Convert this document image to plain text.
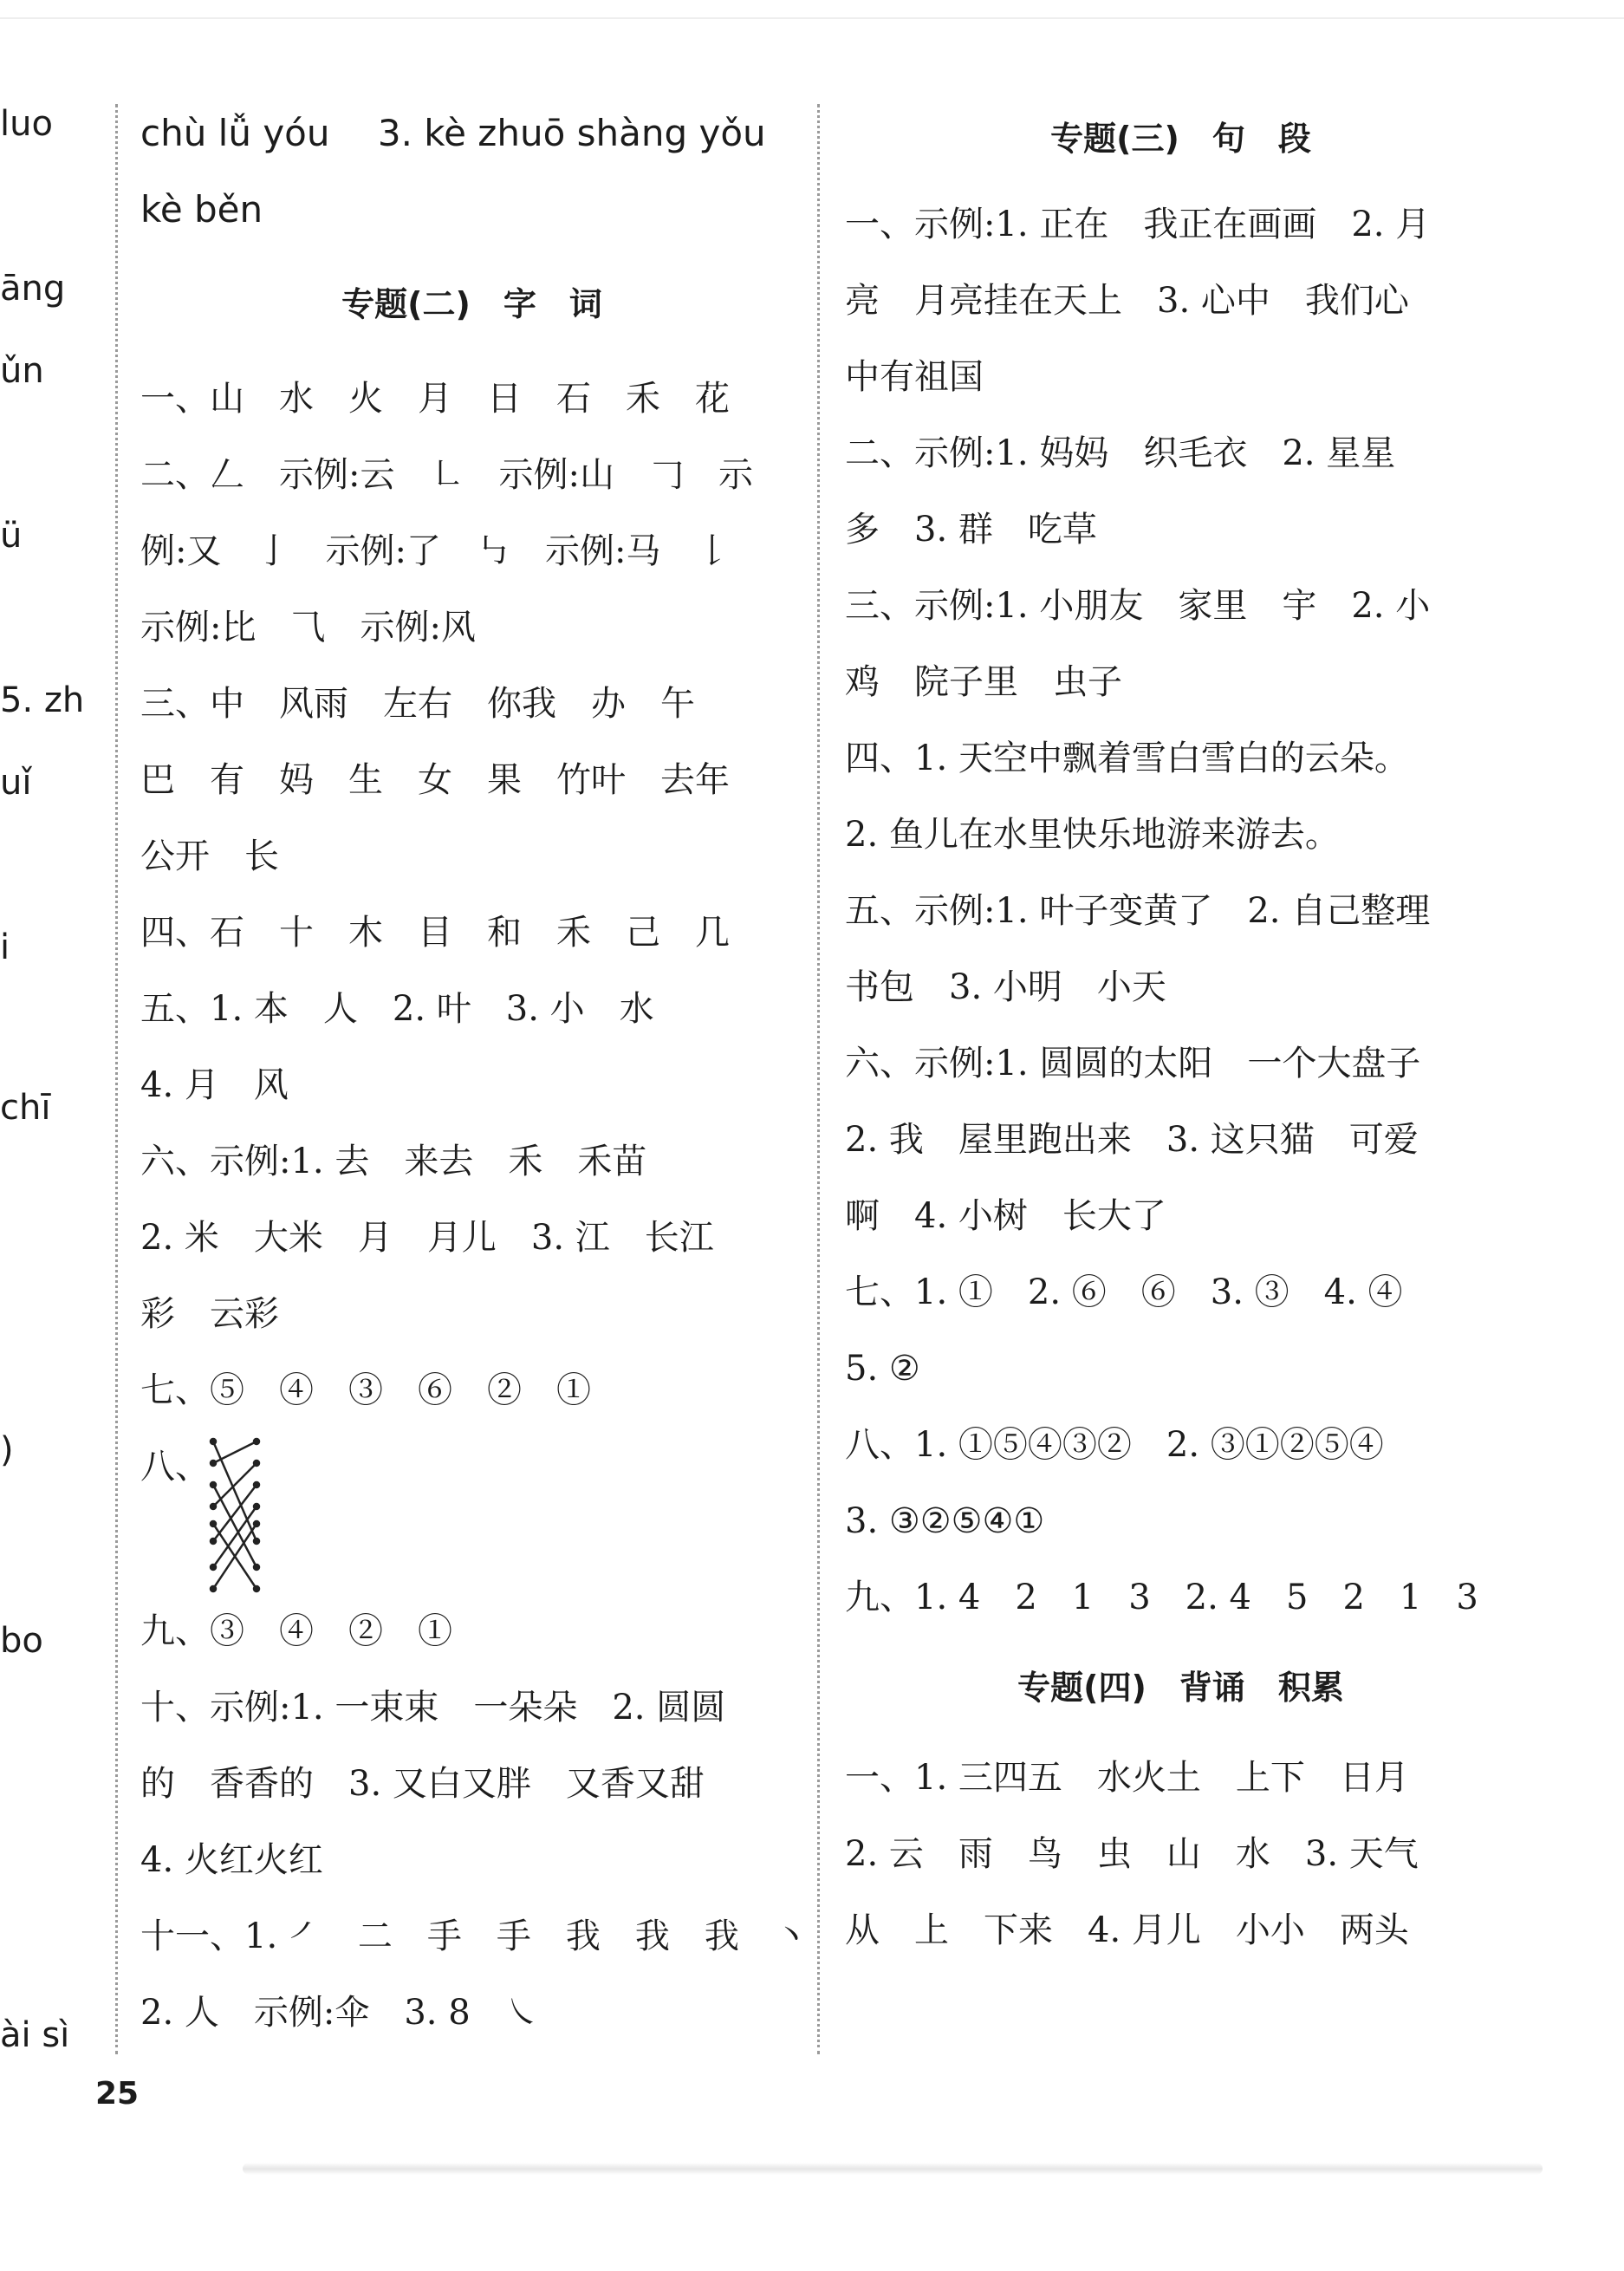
luo
āng
ǔn
ü
5. zh
uǐ
i
chī
)
bo
ài sì
chù lǚ yóu　 3. kè zhuō shàng yǒu
kè běn
专题(二)　字　词
一、山　水　火　月　日　石　禾　花
二、𠃋　示例:云　㇗　示例:山　𠃌　示
例:又　亅　示例:了　㇉　示例:马　𠄌
示例:比　⺄　示例:风
三、中　风雨　左右　你我　办　午
巴　有　妈　生　女　果　竹叶　去年
公开　长
四、石　十　木　目　和　禾　己　几
五、1. 本　人　2. 叶　3. 小　水
4. 月　风
六、示例:1. 去　来去　禾　禾苗
2. 米　大米　月　月儿　3. 江　长江
彩　云彩
七、⑤　④　③　⑥　②　①
八、
九、③　④　②　①
十、示例:1. 一束束　一朵朵　2. 圆圆
的　香香的　3. 又白又胖　又香又甜
4. 火红火红
十一、1. ㇒　二　手　手　我　我　我　丶
2. 人　示例:伞　3. 8　㇏
专题(三)　句　段
一、示例:1. 正在　我正在画画　2. 月
亮　月亮挂在天上　3. 心中　我们心
中有祖国
二、示例:1. 妈妈　织毛衣　2. 星星
多　3. 群　吃草
三、示例:1. 小朋友　家里　宇　2. 小
鸡　院子里　虫子
四、1. 天空中飘着雪白雪白的云朵。
2. 鱼儿在水里快乐地游来游去。
五、示例:1. 叶子变黄了　2. 自己整理
书包　3. 小明　小天
六、示例:1. 圆圆的太阳　一个大盘子
2. 我　屋里跑出来　3. 这只猫　可爱
啊　4. 小树　长大了
七、1. ①　2. ⑥　⑥　3. ③　4. ④
5. ②
八、1. ①⑤④③②　2. ③①②⑤④
3. ③②⑤④①
九、1. 4　2　1　3　2. 4　5　2　1　3
专题(四)　背诵　积累
一、1. 三四五　水火土　上下　日月
2. 云　雨　鸟　虫　山　水　3. 天气
从　上　下来　4. 月儿　小小　两头
25
